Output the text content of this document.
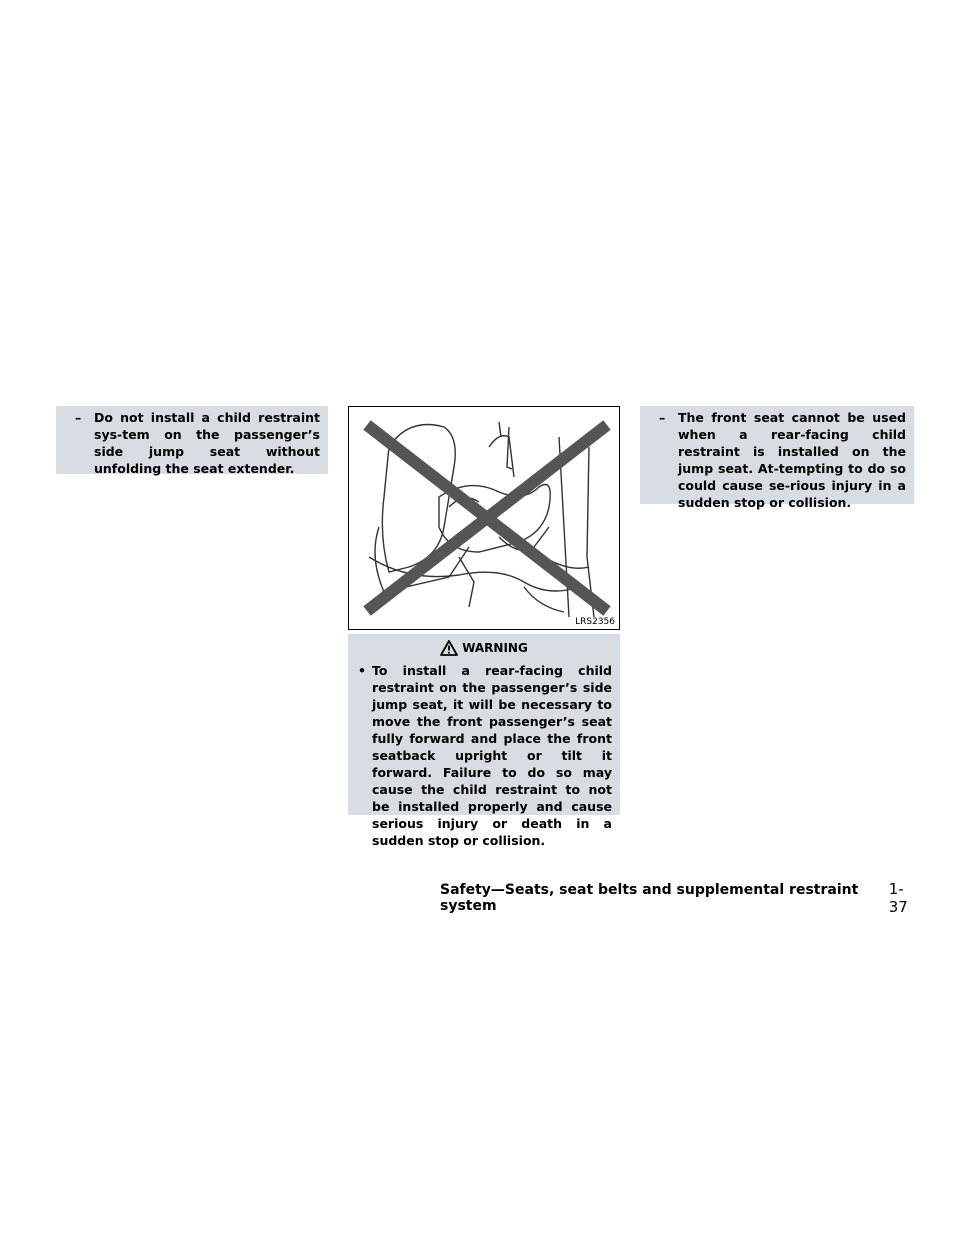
– Do not install a child restraint sys-tem on the passenger’s side jump seat without unfolding the seat extender.
LRS2356
WARNING
• To install a rear-facing child restraint on the passenger’s side jump seat, it will be necessary to move the front passenger’s seat fully forward and place the front seatback upright or tilt it forward. Failure to do so may cause the child restraint to not be installed properly and cause serious injury or death in a sudden stop or collision.
– The front seat cannot be used when a rear-facing child restraint is installed on the jump seat. At-tempting to do so could cause se-rious injury in a sudden stop or collision.
Safety—Seats, seat belts and supplemental restraint system
1-37
